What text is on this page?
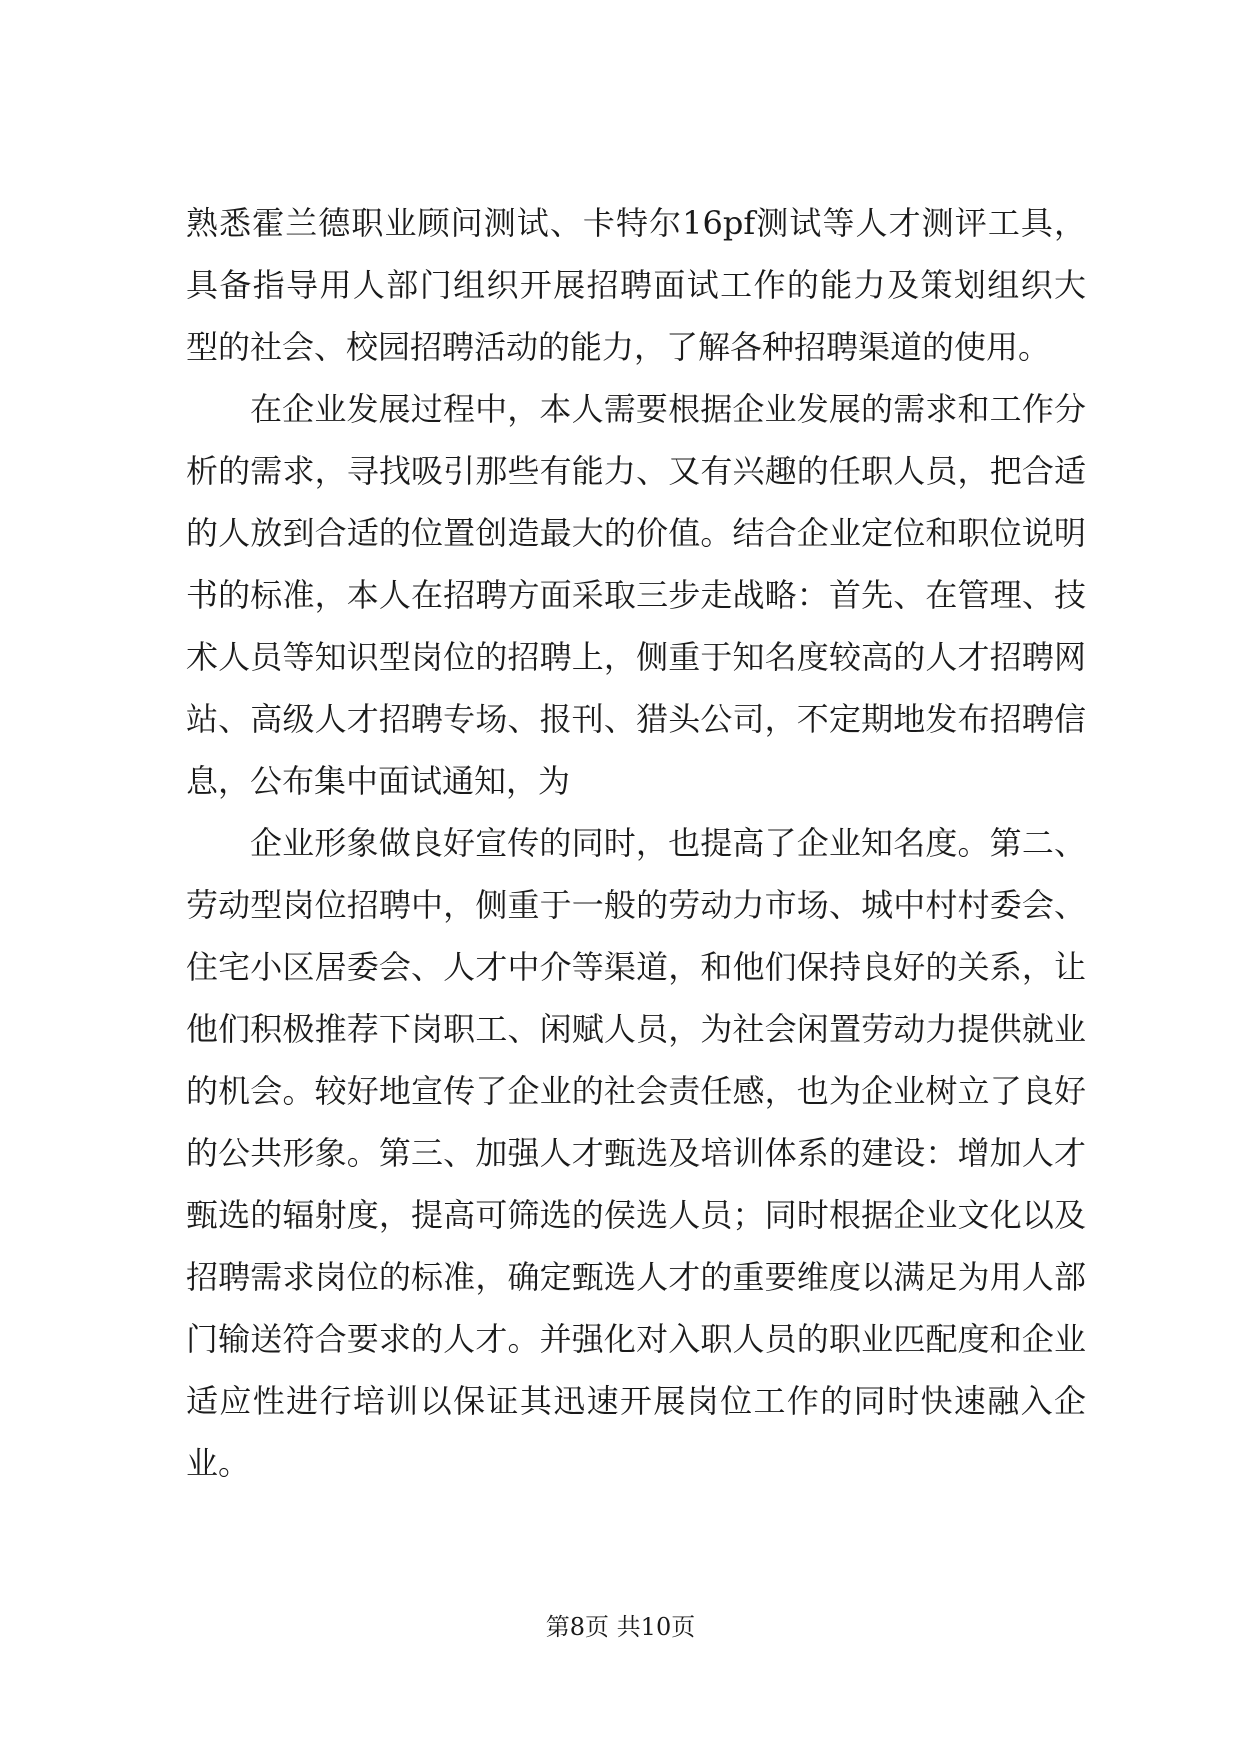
熟悉霍兰德职业顾问测试、卡特尔16pf测试等人才测评工具，
具备指导用人部门组织开展招聘面试工作的能力及策划组织大
型的社会、校园招聘活动的能力，了解各种招聘渠道的使用。
在企业发展过程中，本人需要根据企业发展的需求和工作分
析的需求，寻找吸引那些有能力、又有兴趣的任职人员，把合适
的人放到合适的位置创造最大的价值。结合企业定位和职位说明
书的标准，本人在招聘方面采取三步走战略：首先、在管理、技
术人员等知识型岗位的招聘上，侧重于知名度较高的人才招聘网
站、高级人才招聘专场、报刊、猎头公司，不定期地发布招聘信
息，公布集中面试通知，为
企业形象做良好宣传的同时，也提高了企业知名度。第二、
劳动型岗位招聘中，侧重于一般的劳动力市场、城中村村委会、
住宅小区居委会、人才中介等渠道，和他们保持良好的关系，让
他们积极推荐下岗职工、闲赋人员，为社会闲置劳动力提供就业
的机会。较好地宣传了企业的社会责任感，也为企业树立了良好
的公共形象。第三、加强人才甄选及培训体系的建设：增加人才
甄选的辐射度，提高可筛选的侯选人员；同时根据企业文化以及
招聘需求岗位的标准，确定甄选人才的重要维度以满足为用人部
门输送符合要求的人才。并强化对入职人员的职业匹配度和企业
适应性进行培训以保证其迅速开展岗位工作的同时快速融入企
业。
第8页 共10页
